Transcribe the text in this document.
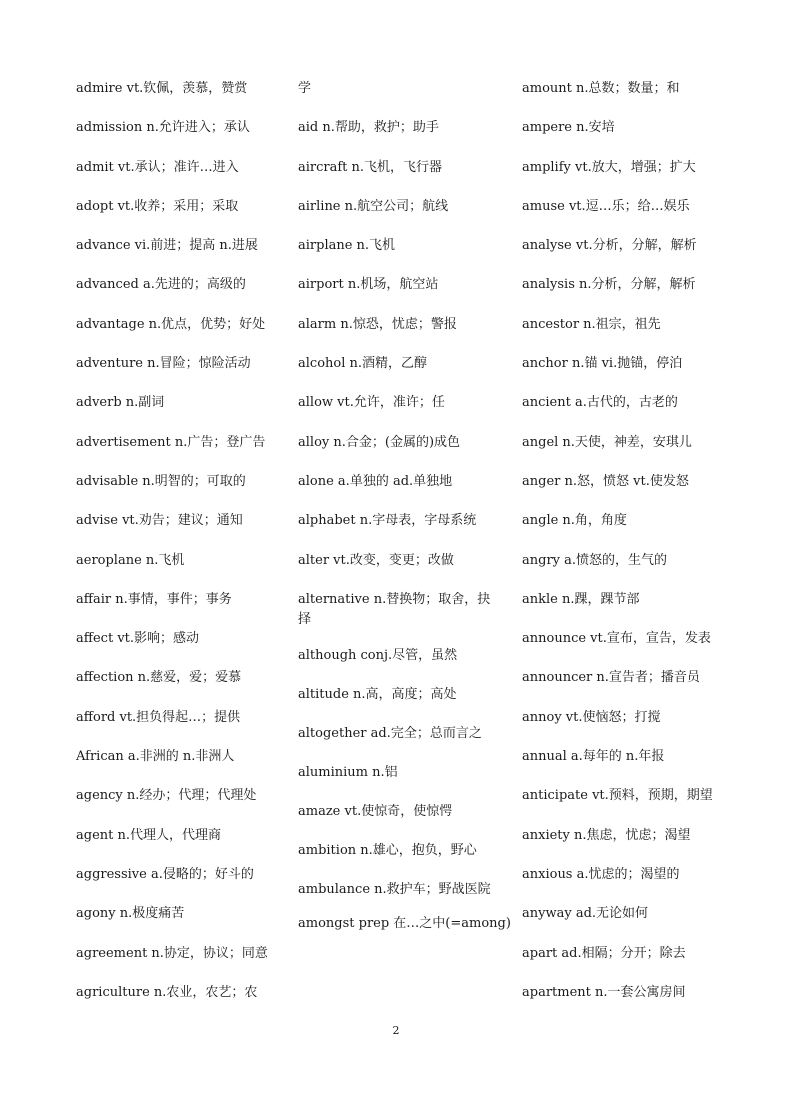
admire vt.钦佩，羡慕，赞赏
admission n.允许进入；承认
admit vt.承认；准许…进入
adopt vt.收养；采用；采取
advance vi.前进；提高 n.进展
advanced a.先进的；高级的
advantage n.优点，优势；好处
adventure n.冒险；惊险活动
adverb n.副词
advertisement n.广告；登广告
advisable n.明智的；可取的
advise vt.劝告；建议；通知
aeroplane n.飞机
affair n.事情，事件；事务
affect vt.影响；感动
affection n.慈爱，爱；爱慕
afford vt.担负得起…；提供
African a.非洲的 n.非洲人
agency n.经办；代理；代理处
agent n.代理人，代理商
aggressive a.侵略的；好斗的
agony n.极度痛苦
agreement n.协定，协议；同意
agriculture n.农业，农艺；农
学
aid n.帮助，救护；助手
aircraft n.飞机，飞行器
airline n.航空公司；航线
airplane n.飞机
airport n.机场，航空站
alarm n.惊恐，忧虑；警报
alcohol n.酒精，乙醇
allow vt.允许，准许；任
alloy n.合金；(金属的)成色
alone a.单独的 ad.单独地
alphabet n.字母表，字母系统
alter vt.改变，变更；改做
alternative n.替换物；取舍，抉择
although conj.尽管，虽然
altitude n.高，高度；高处
altogether ad.完全；总而言之
aluminium n.铝
amaze vt.使惊奇，使惊愕
ambition n.雄心，抱负，野心
ambulance n.救护车；野战医院
amongst prep 在…之中(=among)
amount n.总数；数量；和
ampere n.安培
amplify vt.放大，增强；扩大
amuse vt.逗…乐；给…娱乐
analyse vt.分析，分解，解析
analysis n.分析，分解，解析
ancestor n.祖宗，祖先
anchor n.锚 vi.抛锚，停泊
ancient a.古代的，古老的
angel n.天使，神差，安琪儿
anger n.怒，愤怒 vt.使发怒
angle n.角，角度
angry a.愤怒的，生气的
ankle n.踝，踝节部
announce vt.宣布，宣告，发表
announcer n.宣告者；播音员
annoy vt.使恼怒；打搅
annual a.每年的 n.年报
anticipate vt.预料，预期，期望
anxiety n.焦虑，忧虑；渴望
anxious a.忧虑的；渴望的
anyway ad.无论如何
apart ad.相隔；分开；除去
apartment n.一套公寓房间
2
